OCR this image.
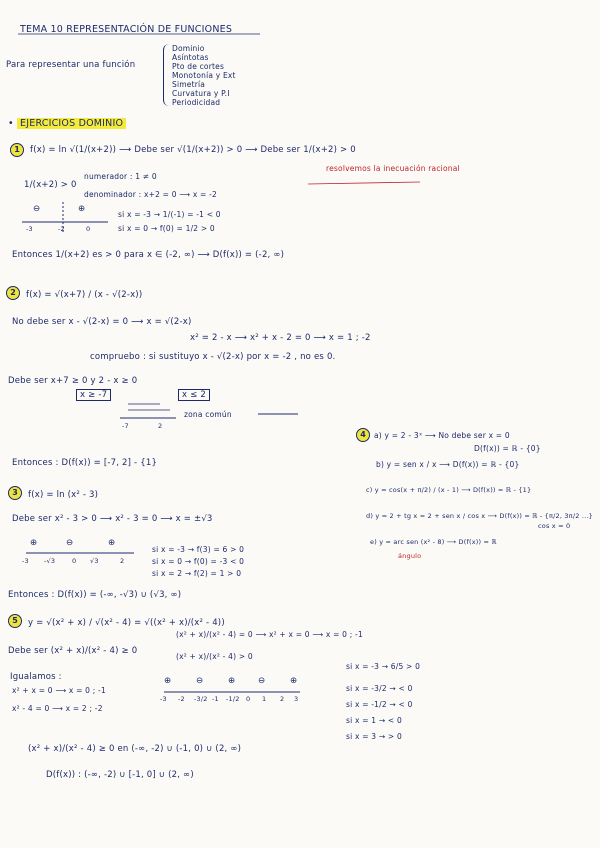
TEMA 10 REPRESENTACIÓN DE FUNCIONES
Para representar una función
Dominio
Asíntotas
Pto de cortes
Monotonía y Ext
Simetría
Curvatura y P.I
Periodicidad
• EJERCICIOS DOMINIO
1	f(x) = ln √(1/(x+2)) ⟶ Debe ser √(1/(x+2)) > 0 ⟶ Debe ser 1/(x+2) > 0
resolvemos la inecuación racional
1/(x+2) > 0
numerador : 1 ≠ 0
denominador : x+2 = 0 ⟶ x = -2
⊖	⊕
-3	-2	0
si x = -3 → 1/(-1) = -1 < 0
si x = 0 → f(0) = 1/2 > 0
Entonces 1/(x+2) es > 0 para x ∈ (-2, ∞) ⟶ D(f(x)) = (-2, ∞)
2	f(x) = √(x+7) / (x - √(2-x))
No debe ser x - √(2-x) = 0 ⟶ x = √(2-x)
x² = 2 - x ⟶ x² + x - 2 = 0 ⟶ x = 1 ; -2
compruebo : si sustituyo x - √(2-x) por x = -2 , no es 0.
Debe ser x+7 ≥ 0 y 2 - x ≥ 0
x ≥ -7	x ≤ 2
zona común
-7	2
Entonces : D(f(x)) = [-7, 2] - {1}
3	f(x) = ln (x² - 3)
Debe ser x² - 3 > 0 ⟶ x² - 3 = 0 ⟶ x = ±√3
⊕	⊖	⊕
-3 -√3	0 √3	2
si x = -3 → f(3) = 6 > 0
si x = 0 → f(0) = -3 < 0
si x = 2 → f(2) = 1 > 0
Entonces : D(f(x)) = (-∞, -√3) ∪ (√3, ∞)
4	a) y = 2 - 3ˣ ⟶ No debe ser x = 0
D(f(x)) = ℝ - {0}
b) y = sen x / x ⟶ D(f(x)) = ℝ - {0}
c) y = cos(x + π/2) / (x - 1) ⟶ D(f(x)) = ℝ - {1}
d) y = 2 + tg x = 2 + sen x / cos x ⟶ D(f(x)) = ℝ - {π/2, 3π/2 ...}
cos x = 0
e) y = arc sen (x² - 8) ⟶ D(f(x)) = ℝ
ángulo
5	y = √(x² + x) / √(x² - 4) = √((x² + x)/(x² - 4))
(x² + x)/(x² - 4) = 0 ⟶ x² + x = 0 ⟶ x = 0 ; -1
Debe ser (x² + x)/(x² - 4) ≥ 0
(x² + x)/(x² - 4) > 0
Igualamos :
x² + x = 0 ⟶ x = 0 ; -1
x² - 4 = 0 ⟶ x = 2 ; -2
⊕	⊖	⊕	⊖	⊕
-3 -2 -3/2 -1 -1/2 0 1 2 3
si x = -3 → 6/5 > 0
si x = -3/2 → < 0
si x = -1/2 → < 0
si x = 1 → < 0
si x = 3 → > 0
(x² + x)/(x² - 4) ≥ 0 en (-∞, -2) ∪ (-1, 0) ∪ (2, ∞)
D(f(x)) : (-∞, -2) ∪ [-1, 0] ∪ (2, ∞)
